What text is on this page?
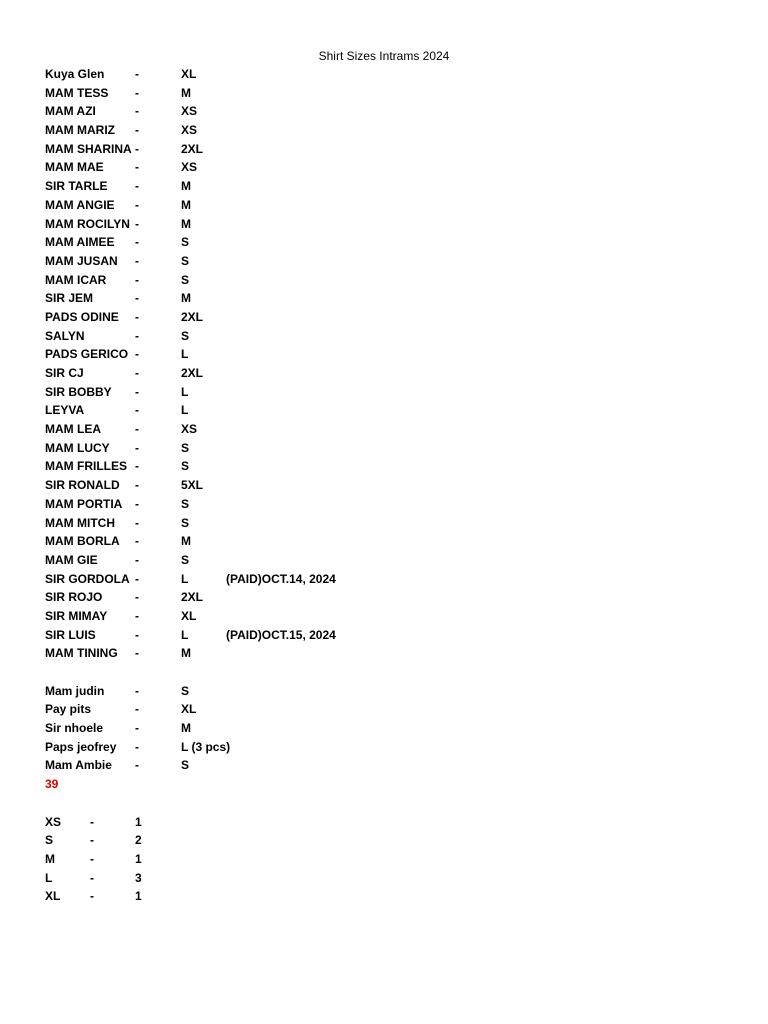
Shirt Sizes Intrams 2024
Kuya Glen	-	XL
MAM TESS -	M
MAM AZI	-	XS
MAM MARIZ -	XS
MAM SHARINA -	2XL
MAM MAE	-	XS
SIR TARLE -	M
MAM ANGIE -	M
MAM ROCILYN -	M
MAM AIMEE -	S
MAM JUSAN -	S
MAM ICAR -	S
SIR JEM	-	M
PADS ODINE -	2XL
SALYN	-	S
PADS GERICO -	L
SIR CJ	-	2XL
SIR BOBBY -	L
LEYVA	-	L
MAM LEA	-	XS
MAM LUCY -	S
MAM FRILLES -	S
SIR RONALD -	5XL
MAM PORTIA -	S
MAM MITCH -	S
MAM BORLA -	M
MAM GIE	-	S
SIR GORDOLA -	L	(PAID)OCT.14, 2024
SIR ROJO	-	2XL
SIR MIMAY -	XL
SIR LUIS	-	L	(PAID)OCT.15, 2024
MAM TINING -	M
Mam judin	-	S
Pay pits	-	XL
Sir nhoele	-	M
Paps jeofrey -	L (3 pcs)
Mam Ambie -	S
39
XS -	1
S	-	2
M	-	1
L	-	3
XL -	1
